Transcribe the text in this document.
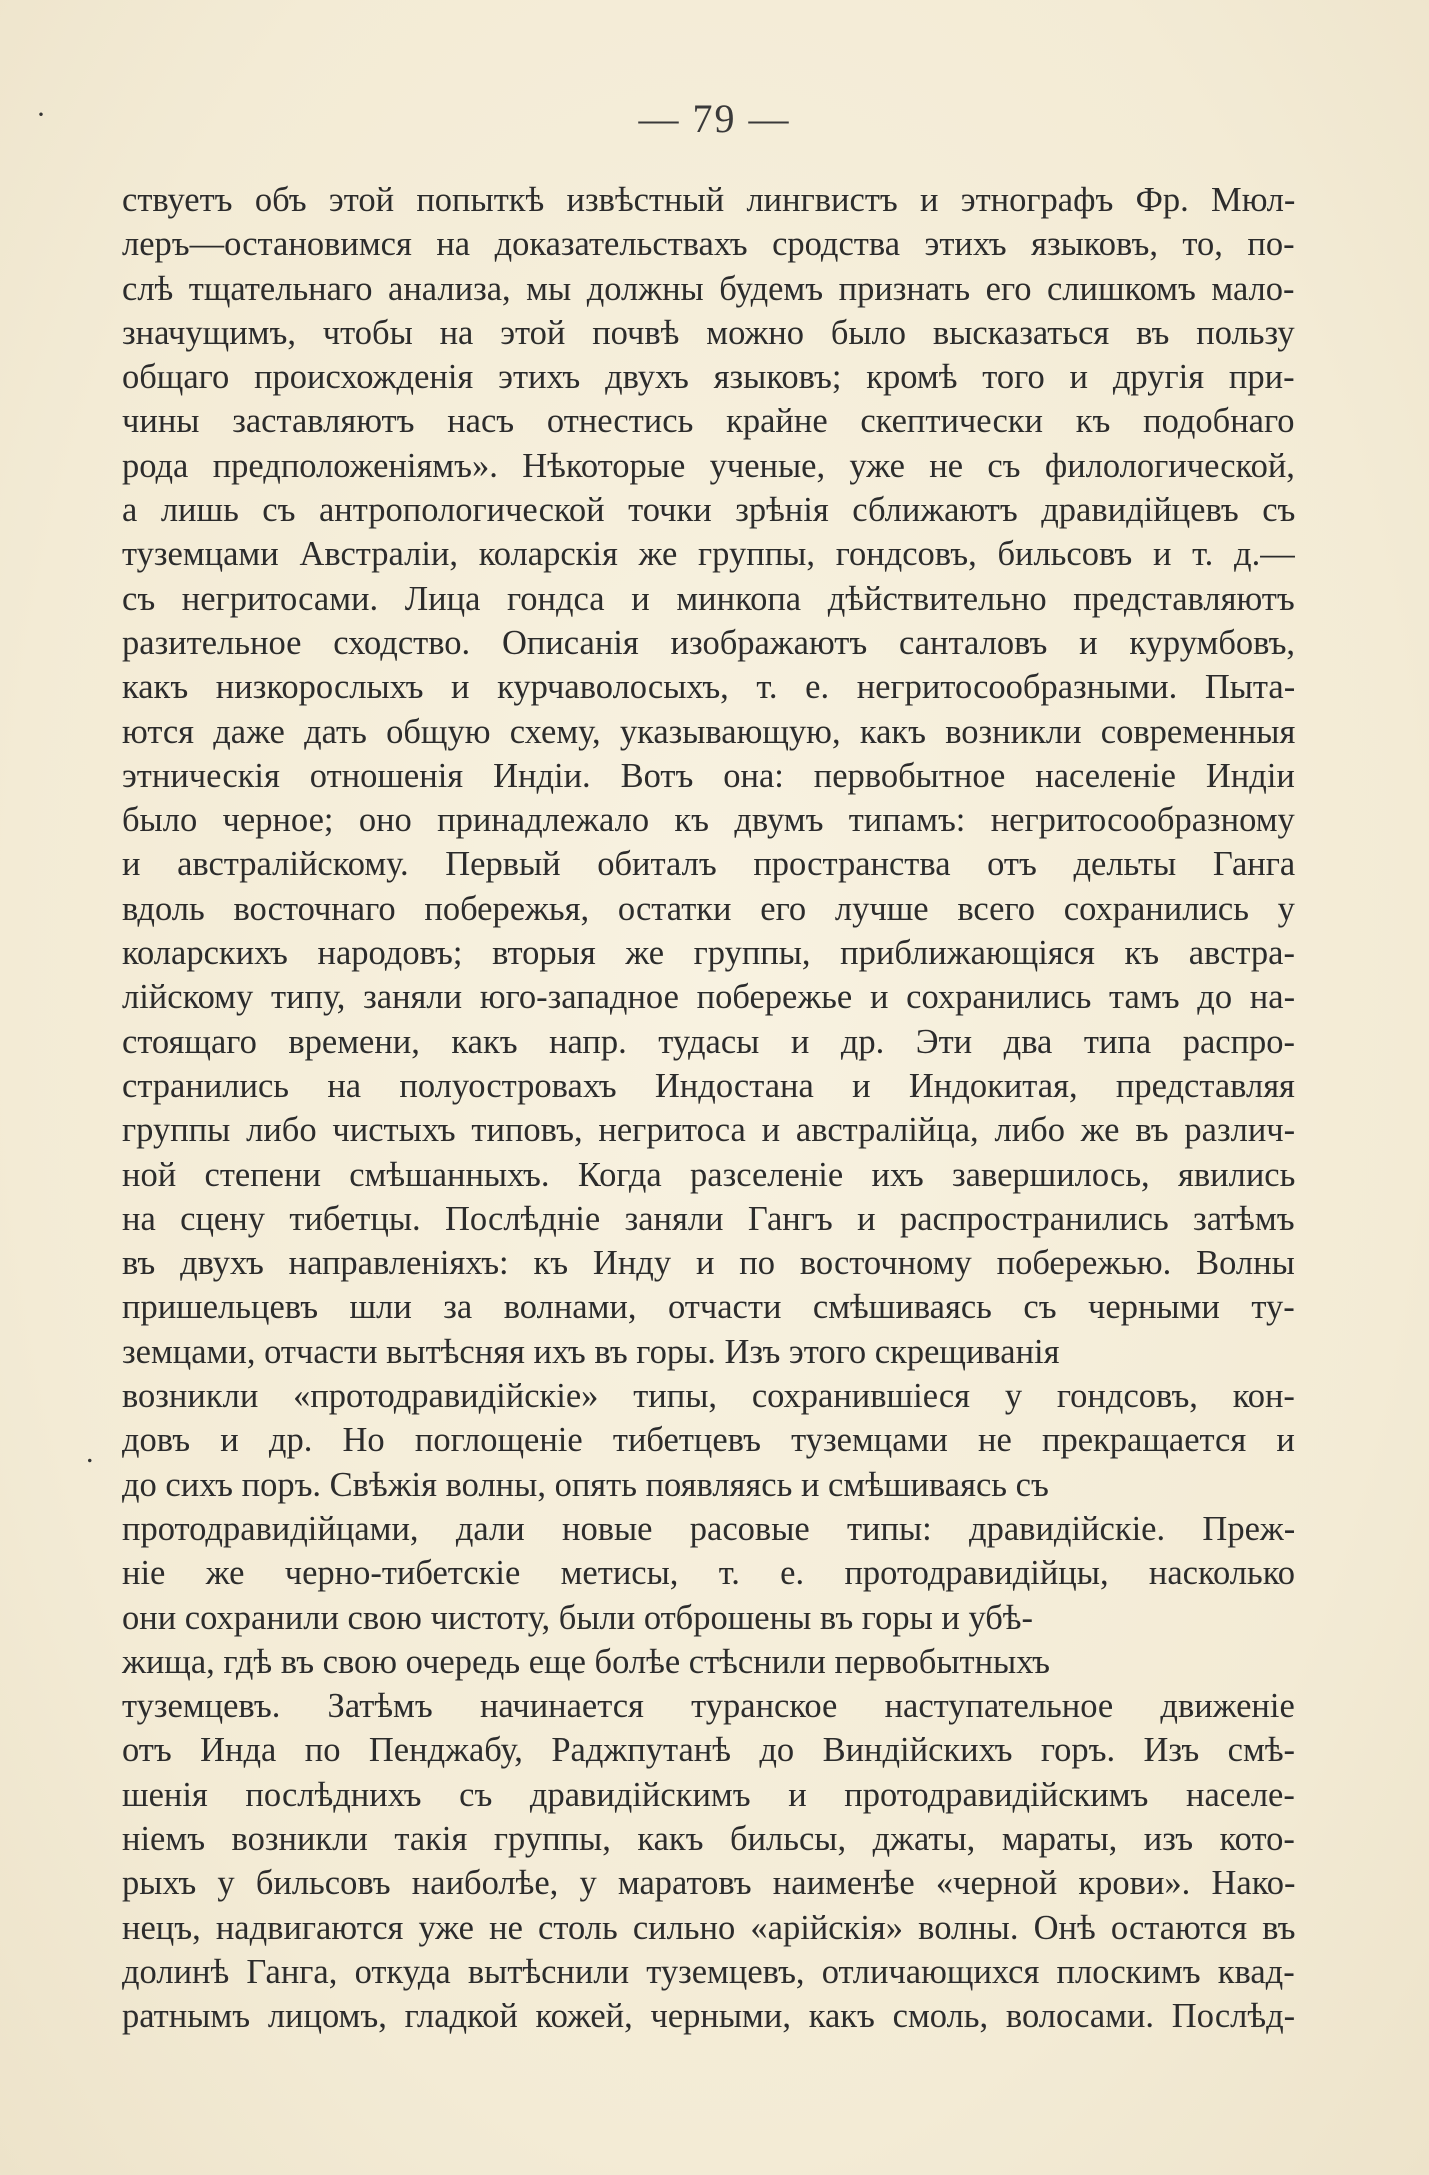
— 79 —
·
.
ствуетъ объ этой попыткѣ извѣстный лингвистъ и этнографъ Фр. Мюл-
леръ—остановимся на доказательствахъ сродства этихъ языковъ, то, по-
слѣ тщательнаго анализа, мы должны будемъ признать его слишкомъ мало-
значущимъ, чтобы на этой почвѣ можно было высказаться въ пользу
общаго происхожденія этихъ двухъ языковъ; кромѣ того и другія при-
чины заставляютъ насъ отнестись крайне скептически къ подобнаго
рода предположеніямъ». Нѣкоторые ученые, уже не съ филологической,
а лишь съ антропологической точки зрѣнія сближаютъ дравидійцевъ съ
туземцами Австраліи, коларскія же группы, гондсовъ, бильсовъ и т. д.—
съ негритосами. Лица гондса и минкопа дѣйствительно представляютъ
разительное сходство. Описанія изображаютъ санталовъ и курумбовъ,
какъ низкорослыхъ и курчаволосыхъ, т. е. негритосообразными. Пыта-
ются даже дать общую схему, указывающую, какъ возникли современныя
этническія отношенія Индіи. Вотъ она: первобытное населеніе Индіи
было черное; оно принадлежало къ двумъ типамъ: негритосообразному
и австралійскому. Первый обиталъ пространства отъ дельты Ганга
вдоль восточнаго побережья, остатки его лучше всего сохранились у
коларскихъ народовъ; вторыя же группы, приближающіяся къ австра-
лійскому типу, заняли юго-западное побережье и сохранились тамъ до на-
стоящаго времени, какъ напр. тудасы и др. Эти два типа распро-
странились на полуостровахъ Индостана и Индокитая, представляя
группы либо чистыхъ типовъ, негритоса и австралійца, либо же въ различ-
ной степени смѣшанныхъ. Когда разселеніе ихъ завершилось, явились
на сцену тибетцы. Послѣдніе заняли Гангъ и распространились затѣмъ
въ двухъ направленіяхъ: къ Инду и по восточному побережью. Волны
пришельцевъ шли за волнами, отчасти смѣшиваясь съ черными ту-
земцами, отчасти вытѣсняя ихъ въ горы. Изъ этого скрещиванія
возникли «протодравидійскіе» типы, сохранившіеся у гондсовъ, кон-
довъ и др. Но поглощеніе тибетцевъ туземцами не прекращается и
до сихъ поръ. Свѣжія волны, опять появляясь и смѣшиваясь съ
протодравидійцами, дали новые расовые типы: дравидійскіе. Преж-
ніе же черно-тибетскіе метисы, т. е. протодравидійцы, насколько
они сохранили свою чистоту, были отброшены въ горы и убѣ-
жища, гдѣ въ свою очередь еще болѣе стѣснили первобытныхъ
туземцевъ. Затѣмъ начинается туранское наступательное движеніе
отъ Инда по Пенджабу, Раджпутанѣ до Виндійскихъ горъ. Изъ смѣ-
шенія послѣднихъ съ дравидійскимъ и протодравидійскимъ населе-
ніемъ возникли такія группы, какъ бильсы, джаты, мараты, изъ кото-
рыхъ у бильсовъ наиболѣе, у маратовъ наименѣе «черной крови». Нако-
нецъ, надвигаются уже не столь сильно «арійскія» волны. Онѣ остаются въ
долинѣ Ганга, откуда вытѣснили туземцевъ, отличающихся плоскимъ квад-
ратнымъ лицомъ, гладкой кожей, черными, какъ смоль, волосами. Послѣд-
